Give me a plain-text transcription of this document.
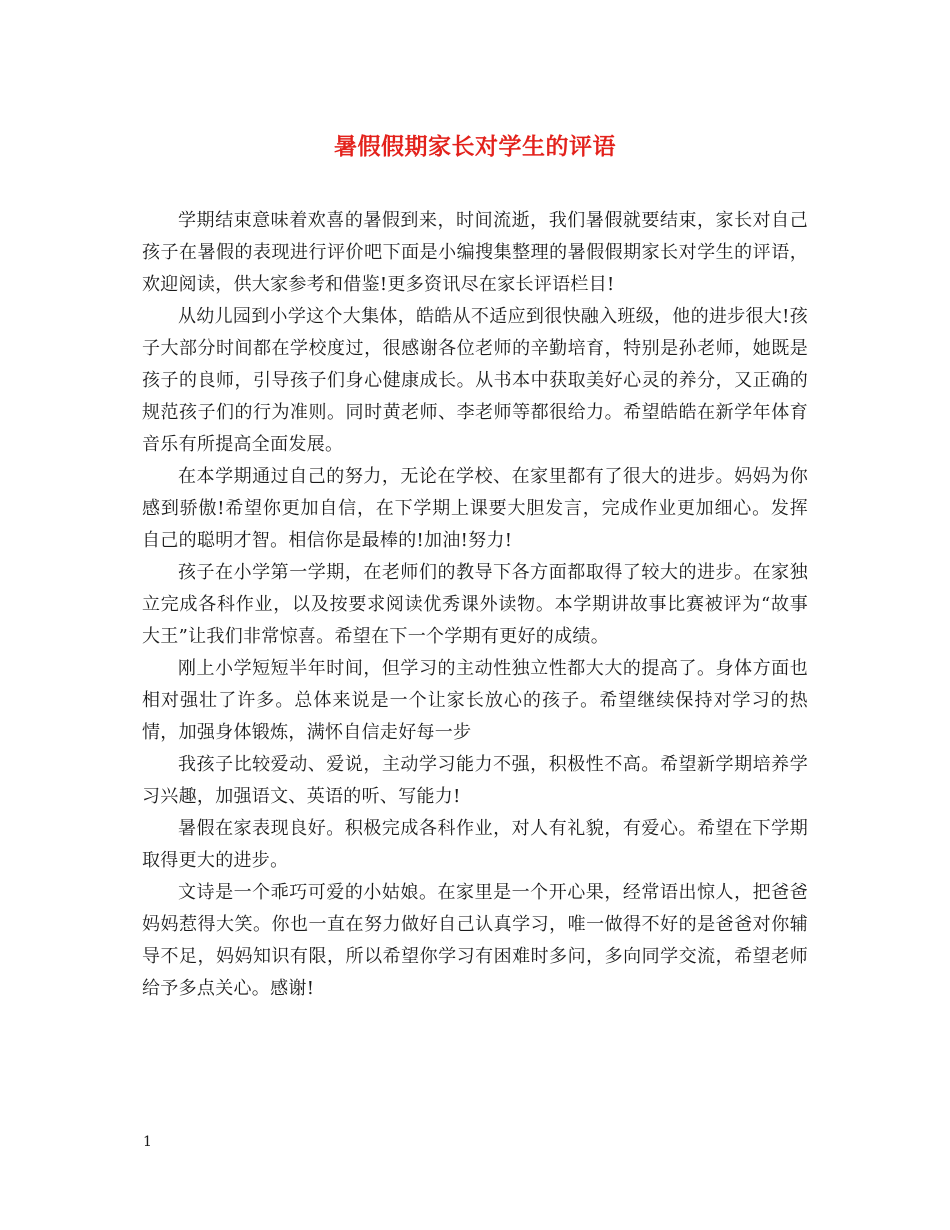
暑假假期家长对学生的评语

学期结束意味着欢喜的暑假到来，时间流逝，我们暑假就要结束，家长对自己孩子在暑假的表现进行评价吧下面是小编搜集整理的暑假假期家长对学生的评语，欢迎阅读，供大家参考和借鉴!更多资讯尽在家长评语栏目!

从幼儿园到小学这个大集体，皓皓从不适应到很快融入班级，他的进步很大!孩子大部分时间都在学校度过，很感谢各位老师的辛勤培育，特别是孙老师，她既是孩子的良师，引导孩子们身心健康成长。从书本中获取美好心灵的养分，又正确的规范孩子们的行为准则。同时黄老师、李老师等都很给力。希望皓皓在新学年体育音乐有所提高全面发展。

在本学期通过自己的努力，无论在学校、在家里都有了很大的进步。妈妈为你感到骄傲!希望你更加自信，在下学期上课要大胆发言，完成作业更加细心。发挥自己的聪明才智。相信你是最棒的!加油!努力!

孩子在小学第一学期，在老师们的教导下各方面都取得了较大的进步。在家独立完成各科作业，以及按要求阅读优秀课外读物。本学期讲故事比赛被评为“故事大王”让我们非常惊喜。希望在下一个学期有更好的成绩。

刚上小学短短半年时间，但学习的主动性独立性都大大的提高了。身体方面也相对强壮了许多。总体来说是一个让家长放心的孩子。希望继续保持对学习的热情，加强身体锻炼，满怀自信走好每一步

我孩子比较爱动、爱说，主动学习能力不强，积极性不高。希望新学期培养学习兴趣，加强语文、英语的听、写能力!

暑假在家表现良好。积极完成各科作业，对人有礼貌，有爱心。希望在下学期取得更大的进步。

文诗是一个乖巧可爱的小姑娘。在家里是一个开心果，经常语出惊人，把爸爸妈妈惹得大笑。你也一直在努力做好自己认真学习，唯一做得不好的是爸爸对你辅导不足，妈妈知识有限，所以希望你学习有困难时多问，多向同学交流，希望老师给予多点关心。感谢!

1
